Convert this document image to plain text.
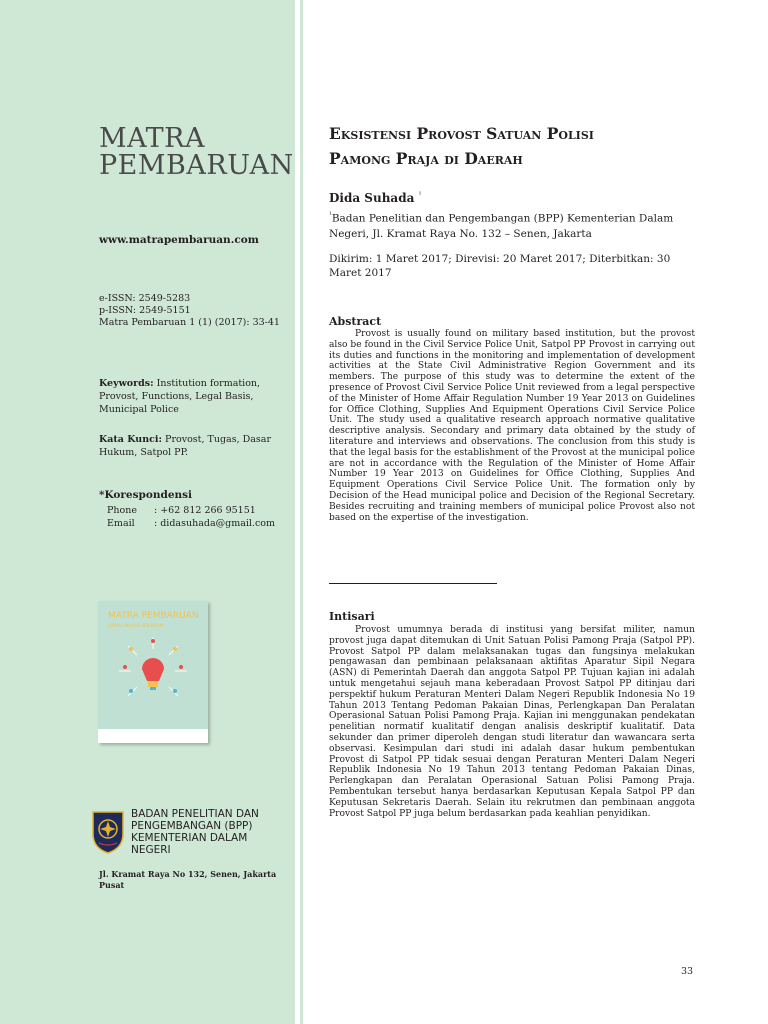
MATRA
PEMBARUAN
www.matrapembaruan.com
e-ISSN: 2549-5283
p-ISSN: 2549-5151
Matra Pembaruan 1 (1) (2017): 33-41
Keywords: Institution formation, Provost, Functions, Legal Basis, Municipal Police
Kata Kunci: Provost, Tugas, Dasar Hukum, Satpol PP.
*Korespondensi
Phone : +62 812 266 95151
Email : didasuhada@gmail.com
MATRA PEMBARUAN
JURNAL INOVASI KEBIJAKAN
BADAN PENELITIAN DAN
PENGEMBANGAN (BPP)
KEMENTERIAN DALAM
NEGERI
Jl. Kramat Raya No 132, Senen, Jakarta Pusat
Eksistensi Provost Satuan Polisi
Pamong Praja di Daerah
Dida Suhada $^{^1}$
$^{^1}$Badan Penelitian dan Pengembangan (BPP) Kementerian Dalam Negeri, Jl. Kramat Raya No. 132 – Senen, Jakarta
Dikirim: 1 Maret 2017; Direvisi: 20 Maret 2017; Diterbitkan: 30 Maret 2017
Abstract
Provost is usually found on military based institution, but the provost also be found in the Civil Service Police Unit, Satpol PP Provost in carrying out its duties and functions in the monitoring and implementation of development activities at the State Civil Administrative Region Government and its members. The purpose of this study was to determine the extent of the presence of Provost Civil Service Police Unit reviewed from a legal perspective of the Minister of Home Affair Regulation Number 19 Year 2013 on Guidelines for Office Clothing, Supplies And Equipment Operations Civil Service Police Unit. The study used a qualitative research approach normative qualitative descriptive analysis. Secondary and primary data obtained by the study of literature and interviews and observations. The conclusion from this study is that the legal basis for the establishment of the Provost at the municipal police are not in accordance with the Regulation of the Minister of Home Affair Number 19 Year 2013 on Guidelines for Office Clothing, Supplies And Equipment Operations Civil Service Police Unit. The formation only by Decision of the Head municipal police and Decision of the Regional Secretary. Besides recruiting and training members of municipal police Provost also not based on the expertise of the investigation.
Intisari
Provost umumnya berada di institusi yang bersifat militer, namun provost juga dapat ditemukan di Unit Satuan Polisi Pamong Praja (Satpol PP). Provost Satpol PP dalam melaksanakan tugas dan fungsinya melakukan pengawasan dan pembinaan pelaksanaan aktifitas Aparatur Sipil Negara (ASN) di Pemerintah Daerah dan anggota Satpol PP. Tujuan kajian ini adalah untuk mengetahui sejauh mana keberadaan Provost Satpol PP ditinjau dari perspektif hukum Peraturan Menteri Dalam Negeri Republik Indonesia No 19 Tahun 2013 Tentang Pedoman Pakaian Dinas, Perlengkapan Dan Peralatan Operasional Satuan Polisi Pamong Praja. Kajian ini menggunakan pendekatan penelitian normatif kualitatif dengan analisis deskriptif kualitatif. Data sekunder dan primer diperoleh dengan studi literatur dan wawancara serta observasi. Kesimpulan dari studi ini adalah dasar hukum pembentukan Provost di Satpol PP tidak sesuai dengan Peraturan Menteri Dalam Negeri Republik Indonesia No 19 Tahun 2013 tentang Pedoman Pakaian Dinas, Perlengkapan dan Peralatan Operasional Satuan Polisi Pamong Praja. Pembentukan tersebut hanya berdasarkan Keputusan Kepala Satpol PP dan Keputusan Sekretaris Daerah. Selain itu rekrutmen dan pembinaan anggota Provost Satpol PP juga belum berdasarkan pada keahlian penyidikan.
33
